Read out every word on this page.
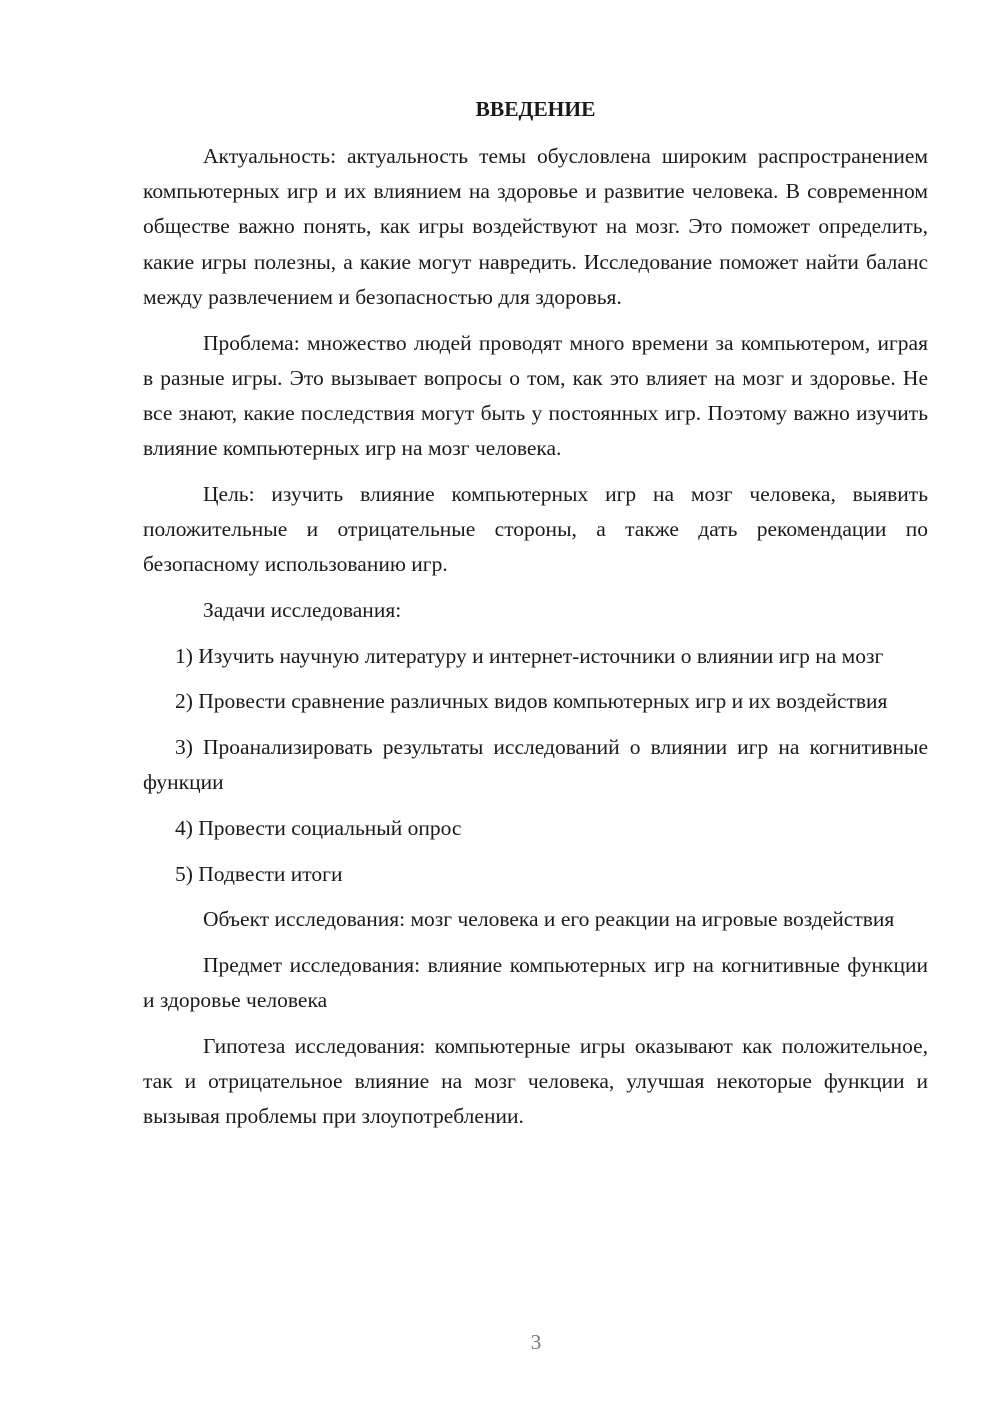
ВВЕДЕНИЕ

Актуальность: актуальность темы обусловлена широким распространением компьютерных игр и их влиянием на здоровье и развитие человека. В современном обществе важно понять, как игры воздействуют на мозг. Это поможет определить, какие игры полезны, а какие могут навредить. Исследование поможет найти баланс между развлечением и безопасностью для здоровья.

Проблема: множество людей проводят много времени за компьютером, играя в разные игры. Это вызывает вопросы о том, как это влияет на мозг и здоровье. Не все знают, какие последствия могут быть у постоянных игр. Поэтому важно изучить влияние компьютерных игр на мозг человека.

Цель: изучить влияние компьютерных игр на мозг человека, выявить положительные и отрицательные стороны, а также дать рекомендации по безопасному использованию игр.

Задачи исследования:

1) Изучить научную литературу и интернет-источники о влиянии игр на мозг

2) Провести сравнение различных видов компьютерных игр и их воздействия

3) Проанализировать результаты исследований о влиянии игр на когнитивные функции

4) Провести социальный опрос

5) Подвести итоги

Объект исследования: мозг человека и его реакции на игровые воздействия

Предмет исследования: влияние компьютерных игр на когнитивные функции и здоровье человека

Гипотеза исследования: компьютерные игры оказывают как положительное, так и отрицательное влияние на мозг человека, улучшая некоторые функции и вызывая проблемы при злоупотреблении.

3
